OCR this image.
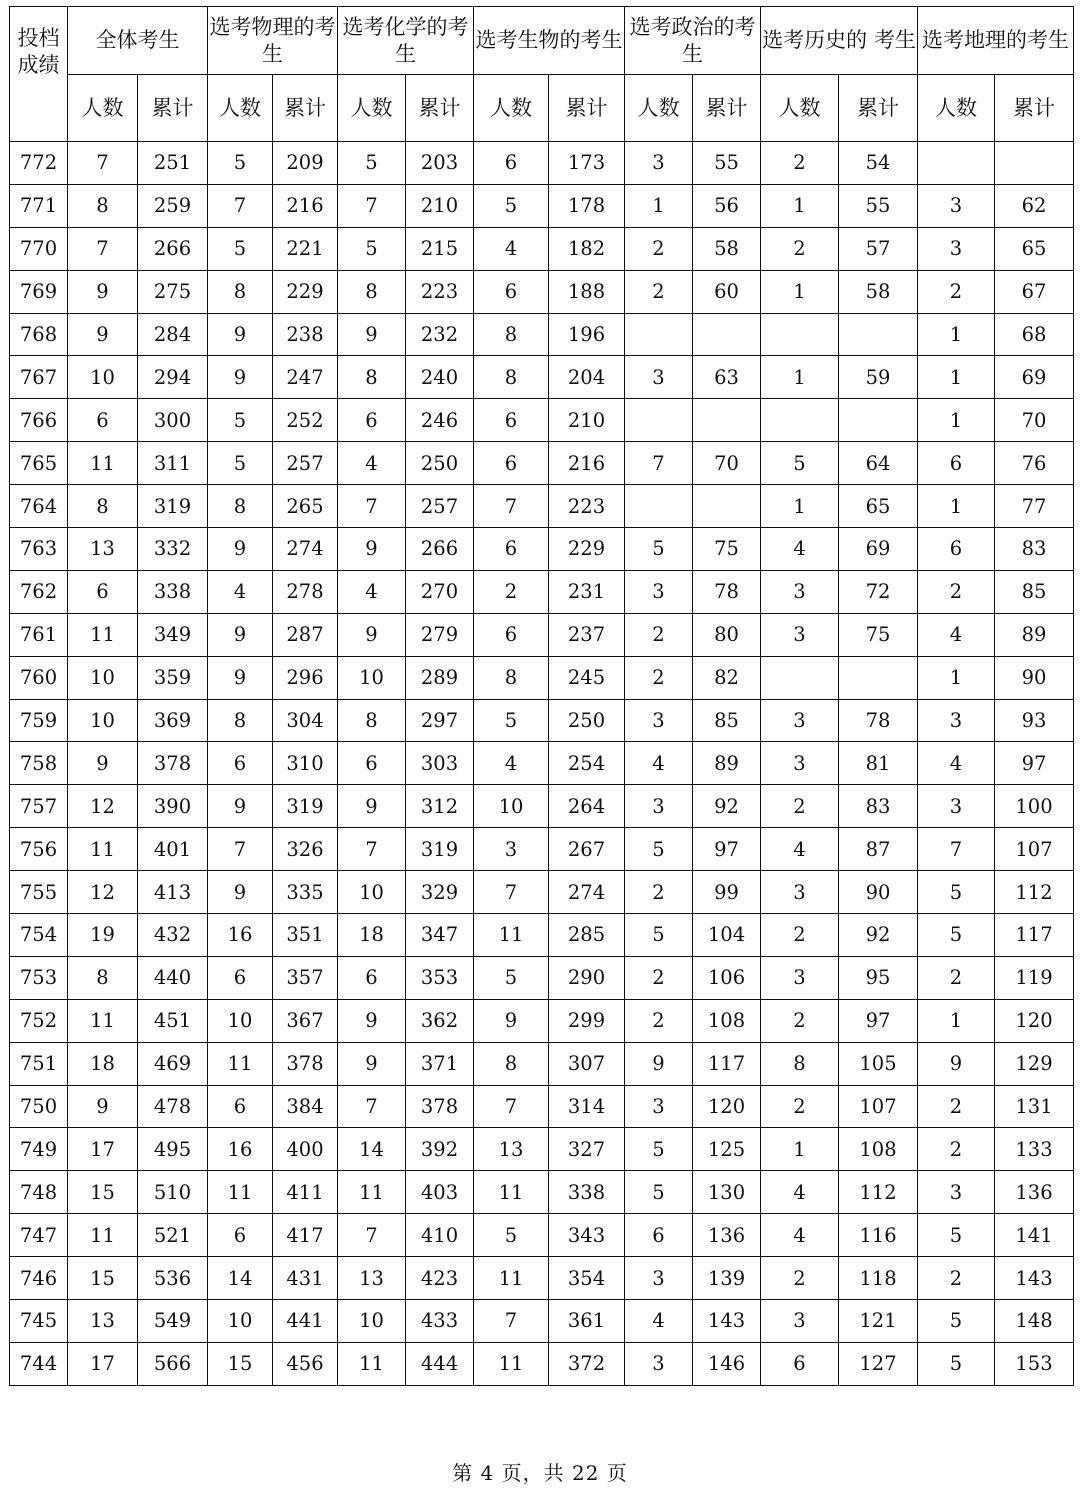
投档成绩	全体考生		选考物理的考生		选考化学的考生		选考生物的考生		选考政治的考生		选考历史的 考生		选考地理的考生	
	人数	累计	人数	累计	人数	累计	人数	累计	人数	累计	人数	累计	人数	累计
772	7	251	5	209	5	203	6	173	3	55	2	54		
771	8	259	7	216	7	210	5	178	1	56	1	55	3	62
770	7	266	5	221	5	215	4	182	2	58	2	57	3	65
769	9	275	8	229	8	223	6	188	2	60	1	58	2	67
768	9	284	9	238	9	232	8	196					1	68
767	10	294	9	247	8	240	8	204	3	63	1	59	1	69
766	6	300	5	252	6	246	6	210					1	70
765	11	311	5	257	4	250	6	216	7	70	5	64	6	76
764	8	319	8	265	7	257	7	223			1	65	1	77
763	13	332	9	274	9	266	6	229	5	75	4	69	6	83
762	6	338	4	278	4	270	2	231	3	78	3	72	2	85
761	11	349	9	287	9	279	6	237	2	80	3	75	4	89
760	10	359	9	296	10	289	8	245	2	82			1	90
759	10	369	8	304	8	297	5	250	3	85	3	78	3	93
758	9	378	6	310	6	303	4	254	4	89	3	81	4	97
757	12	390	9	319	9	312	10	264	3	92	2	83	3	100
756	11	401	7	326	7	319	3	267	5	97	4	87	7	107
755	12	413	9	335	10	329	7	274	2	99	3	90	5	112
754	19	432	16	351	18	347	11	285	5	104	2	92	5	117
753	8	440	6	357	6	353	5	290	2	106	3	95	2	119
752	11	451	10	367	9	362	9	299	2	108	2	97	1	120
751	18	469	11	378	9	371	8	307	9	117	8	105	9	129
750	9	478	6	384	7	378	7	314	3	120	2	107	2	131
749	17	495	16	400	14	392	13	327	5	125	1	108	2	133
748	15	510	11	411	11	403	11	338	5	130	4	112	3	136
747	11	521	6	417	7	410	5	343	6	136	4	116	5	141
746	15	536	14	431	13	423	11	354	3	139	2	118	2	143
745	13	549	10	441	10	433	7	361	4	143	3	121	5	148
744	17	566	15	456	11	444	11	372	3	146	6	127	5	153
第 4 页，共 22 页
